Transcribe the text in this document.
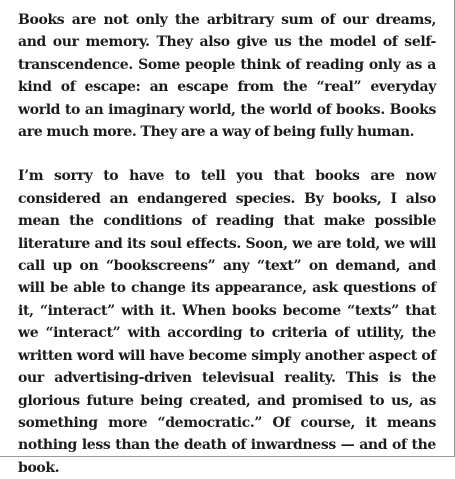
Books are not only the arbitrary sum of our dreams, and our memory. They also give us the model of self-transcendence. Some people think of reading only as a kind of escape: an escape from the “real” everyday world to an imaginary world, the world of books. Books are much more. They are a way of being fully human.

I’m sorry to have to tell you that books are now considered an endangered species. By books, I also mean the conditions of reading that make possible literature and its soul effects. Soon, we are told, we will call up on “bookscreens” any “text” on demand, and will be able to change its appearance, ask questions of it, “interact” with it. When books become “texts” that we “interact” with according to criteria of utility, the written word will have become simply another aspect of our advertising-driven televisual reality. This is the glorious future being created, and promised to us, as something more “democratic.” Of course, it means nothing less than the death of inwardness — and of the book.
